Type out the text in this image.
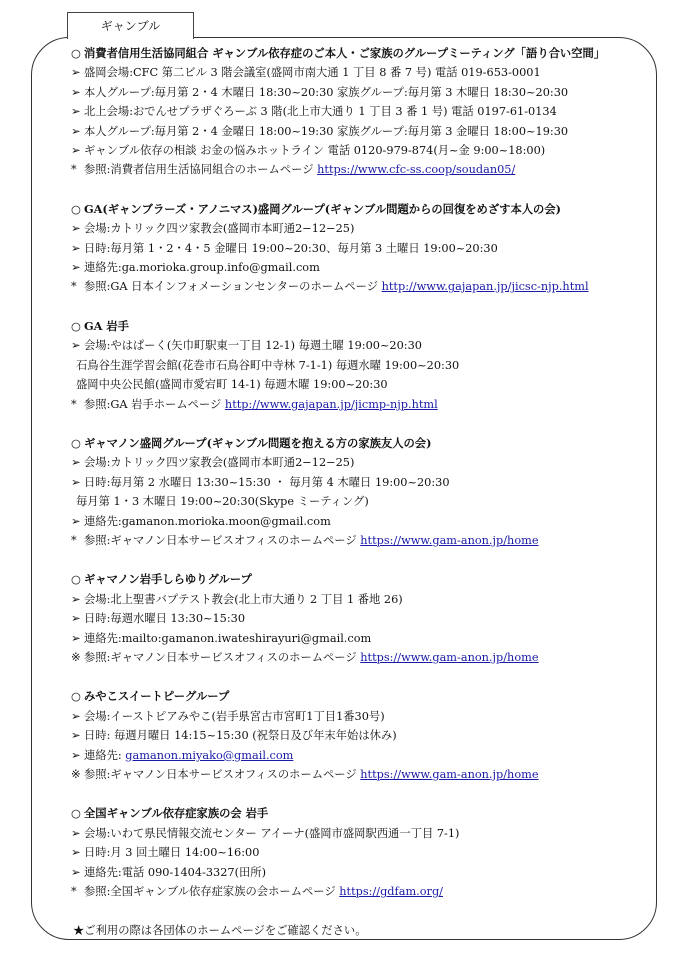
ギャンブル
○ 消費者信用生活協同組合 ギャンブル依存症のご本人・ご家族のグループミーティング「語り合い空間」
➢ 盛岡会場:CFC 第二ビル 3 階会議室(盛岡市南大通 1 丁目 8 番 7 号) 電話 019-653-0001
➢ 本人グループ:毎月第 2・4 木曜日 18:30~20:30 家族グループ:毎月第 3 木曜日 18:30~20:30
➢ 北上会場:おでんせプラザぐろーぶ 3 階(北上市大通り 1 丁目 3 番 1 号) 電話 0197-61-0134
➢ 本人グループ:毎月第 2・4 金曜日 18:00~19:30 家族グループ:毎月第 3 金曜日 18:00~19:30
➢ ギャンブル依存の相談 お金の悩みホットライン 電話 0120-979-874(月~金 9:00~18:00)
* 参照:消費者信用生活協同組合のホームページ https://www.cfc-ss.coop/soudan05/
○ GA(ギャンブラーズ・アノニマス)盛岡グループ(ギャンブル問題からの回復をめざす本人の会)
➢ 会場:カトリック四ツ家教会(盛岡市本町通2−12−25)
➢ 日時:毎月第 1・2・4・5 金曜日 19:00~20:30、毎月第 3 土曜日 19:00~20:30
➢ 連絡先:ga.morioka.group.info@gmail.com
* 参照:GA 日本インフォメーションセンターのホームページ http://www.gajapan.jp/jicsc-njp.html
○ GA 岩手
➢ 会場:やはぱーく(矢巾町駅東一丁目 12-1) 毎週土曜 19:00~20:30
石鳥谷生涯学習会館(花巻市石鳥谷町中寺林 7-1-1) 毎週水曜 19:00~20:30
盛岡中央公民館(盛岡市愛宕町 14-1) 毎週木曜 19:00~20:30
* 参照:GA 岩手ホームページ http://www.gajapan.jp/jicmp-njp.html
○ ギャマノン盛岡グループ(ギャンブル問題を抱える方の家族友人の会)
➢ 会場:カトリック四ツ家教会(盛岡市本町通2−12−25)
➢ 日時:毎月第 2 水曜日 13:30~15:30 ・ 毎月第 4 木曜日 19:00~20:30
毎月第 1・3 木曜日 19:00~20:30(Skype ミーティング)
➢ 連絡先:gamanon.morioka.moon@gmail.com
* 参照:ギャマノン日本サービスオフィスのホームページ https://www.gam-anon.jp/home
○ ギャマノン岩手しらゆりグループ
➢ 会場:北上聖書バプテスト教会(北上市大通り 2 丁目 1 番地 26)
➢ 日時:毎週水曜日 13:30~15:30
➢ 連絡先:mailto:gamanon.iwateshirayuri@gmail.com
※ 参照:ギャマノン日本サービスオフィスのホームページ https://www.gam-anon.jp/home
○ みやこスイートピーグループ
➢ 会場:イーストピアみやこ(岩手県宮古市宮町1丁目1番30号)
➢ 日時: 毎週月曜日 14:15~15:30 (祝祭日及び年末年始は休み)
➢ 連絡先: gamanon.miyako@gmail.com
※ 参照:ギャマノン日本サービスオフィスのホームページ https://www.gam-anon.jp/home
○ 全国ギャンブル依存症家族の会 岩手
➢ 会場:いわて県民情報交流センター アイーナ(盛岡市盛岡駅西通一丁目 7-1)
➢ 日時:月 3 回土曜日 14:00~16:00
➢ 連絡先:電話 090-1404-3327(田所)
* 参照:全国ギャンブル依存症家族の会ホームページ https://gdfam.org/
★ご利用の際は各団体のホームページをご確認ください。
